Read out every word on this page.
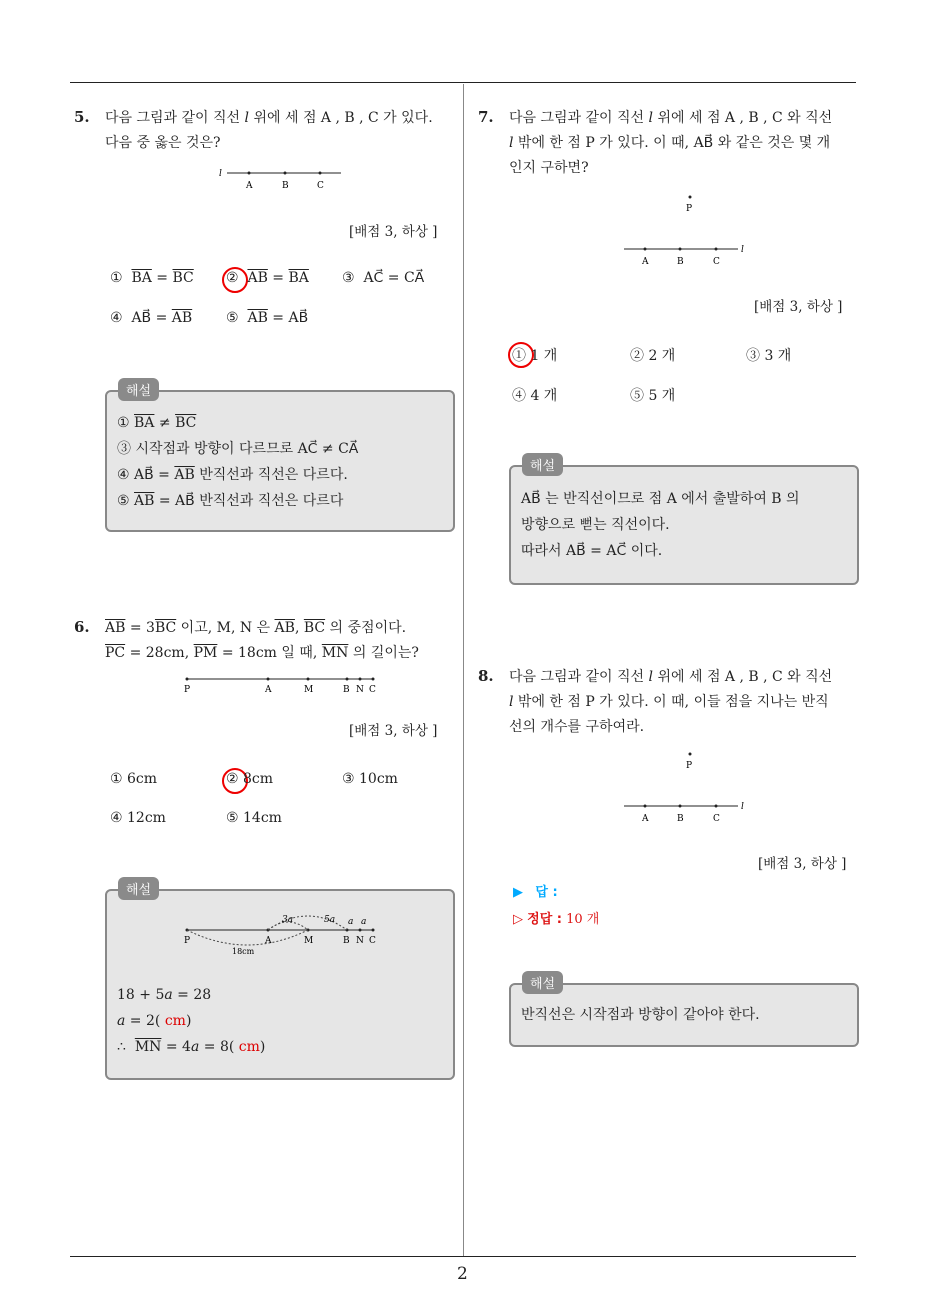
2
5. 다음 그림과 같이 직선 l 위에 세 점 A , B , C 가 있다.
다음 중 옳은 것은?
l
A	B	C
[배점 3, 하상 ]
①  $\overline{BA} = \overline{BC}$ ②  $\overline{AB} = \overline{BA}$ ③  AC⃗ = CA⃗
④  AB⃗ = $\overline{AB}$ ⑤  $\overline{AB}$ = AB⃗
해설
① $\overline{BA} \ne \overline{BC}$
③ 시작점과 방향이 다르므로 AC⃗ ≠ CA⃗
④ AB⃗ = $\overline{AB}$ 반직선과 직선은 다르다.
⑤ $\overline{AB}$ = AB⃗ 반직선과 직선은 다르다
6. $\overline{AB} = 3\overline{BC}$ 이고, M, N 은 $\overline{AB}$, $\overline{BC}$ 의 중점이다.
$\overline{PC} = 28cm$, $\overline{PM} = 18cm$ 일 때, $\overline{MN}$ 의 길이는?
P	A	M	B N C
[배점 3, 하상 ]
① 6cm	② 8cm	③ 10cm
④ 12cm	⑤ 14cm
해설
3a	5a a a
18cm
P	A	M	B N C
18 + 5a = 28
a = 2( cm)
∴  $\overline{MN} = 4a = 8$( cm)
7. 다음 그림과 같이 직선 l 위에 세 점 A , B , C 와 직선
l 밖에 한 점 P 가 있다. 이 때, AB⃗ 와 같은 것은 몇 개
인지 구하면?
P
l
A	B	C
[배점 3, 하상 ]
① 1 개	② 2 개	③ 3 개
④ 4 개	⑤ 5 개
해설
AB⃗ 는 반직선이므로 점 A 에서 출발하여 B 의
방향으로 뻗는 직선이다.
따라서 AB⃗ = AC⃗ 이다.
8. 다음 그림과 같이 직선 l 위에 세 점 A , B , C 와 직선
l 밖에 한 점 P 가 있다. 이 때, 이들 점을 지나는 반직
선의 개수를 구하여라.
P
l
A	B	C
[배점 3, 하상 ]
▶ 답 :
▷ 정답 : 10 개
해설
반직선은 시작점과 방향이 같아야 한다.
